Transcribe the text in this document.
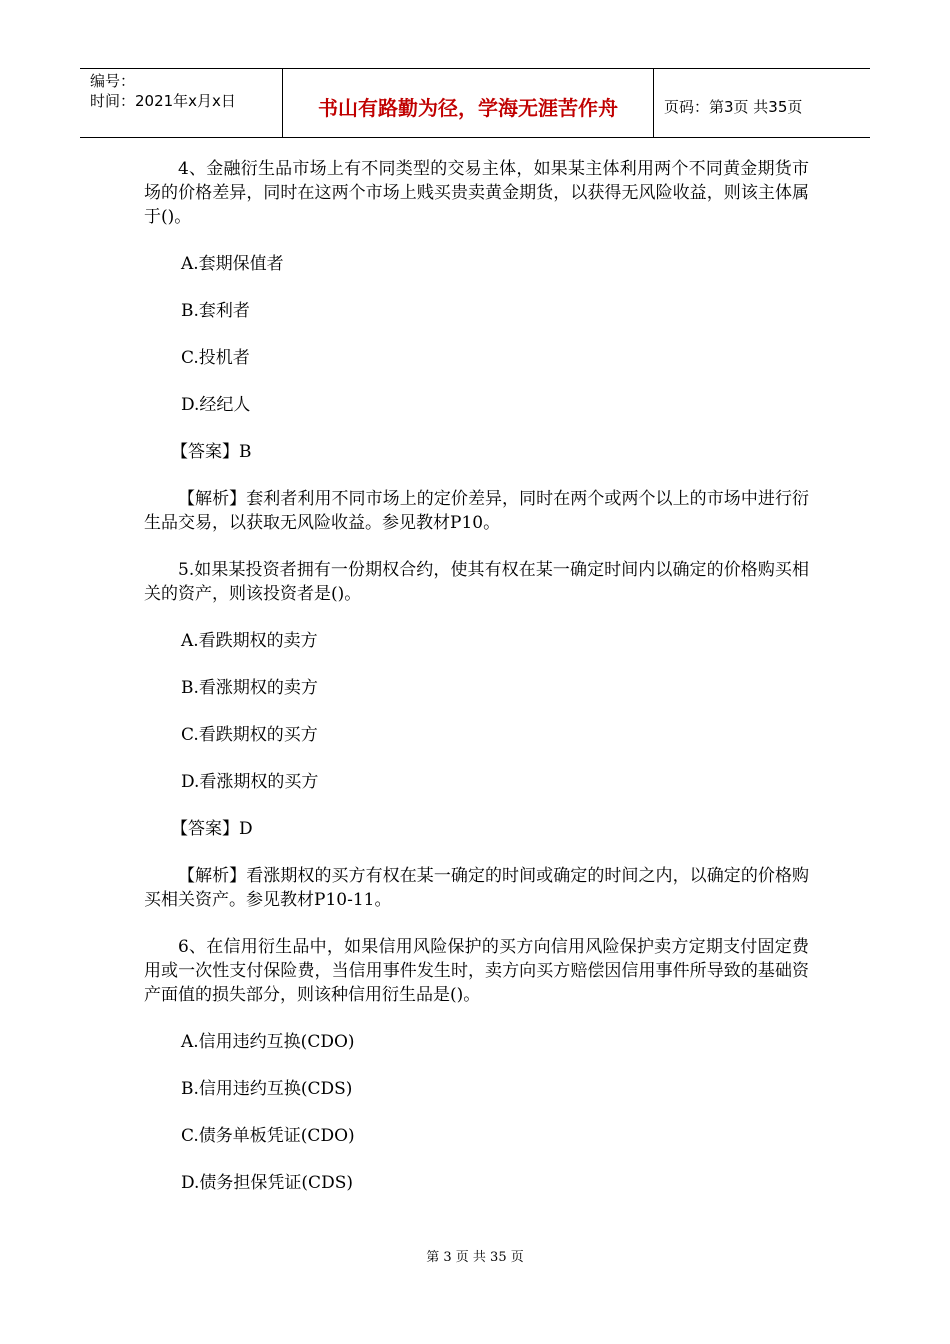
编号：
时间：2021年x月x日	书山有路勤为径，学海无涯苦作舟	页码：第3页 共35页
4、金融衍生品市场上有不同类型的交易主体，如果某主体利用两个不同黄金期货市场的价格差异，同时在这两个市场上贱买贵卖黄金期货，以获得无风险收益，则该主体属于()。
A.套期保值者
B.套利者
C.投机者
D.经纪人
【答案】B
【解析】套利者利用不同市场上的定价差异，同时在两个或两个以上的市场中进行衍生品交易，以获取无风险收益。参见教材P10。
5.如果某投资者拥有一份期权合约，使其有权在某一确定时间内以确定的价格购买相关的资产，则该投资者是()。
A.看跌期权的卖方
B.看涨期权的卖方
C.看跌期权的买方
D.看涨期权的买方
【答案】D
【解析】看涨期权的买方有权在某一确定的时间或确定的时间之内，以确定的价格购买相关资产。参见教材P10-11。
6、在信用衍生品中，如果信用风险保护的买方向信用风险保护卖方定期支付固定费用或一次性支付保险费，当信用事件发生时，卖方向买方赔偿因信用事件所导致的基础资产面值的损失部分，则该种信用衍生品是()。
A.信用违约互换(CDO)
B.信用违约互换(CDS)
C.债务单板凭证(CDO)
D.债务担保凭证(CDS)
第 3 页 共 35 页
